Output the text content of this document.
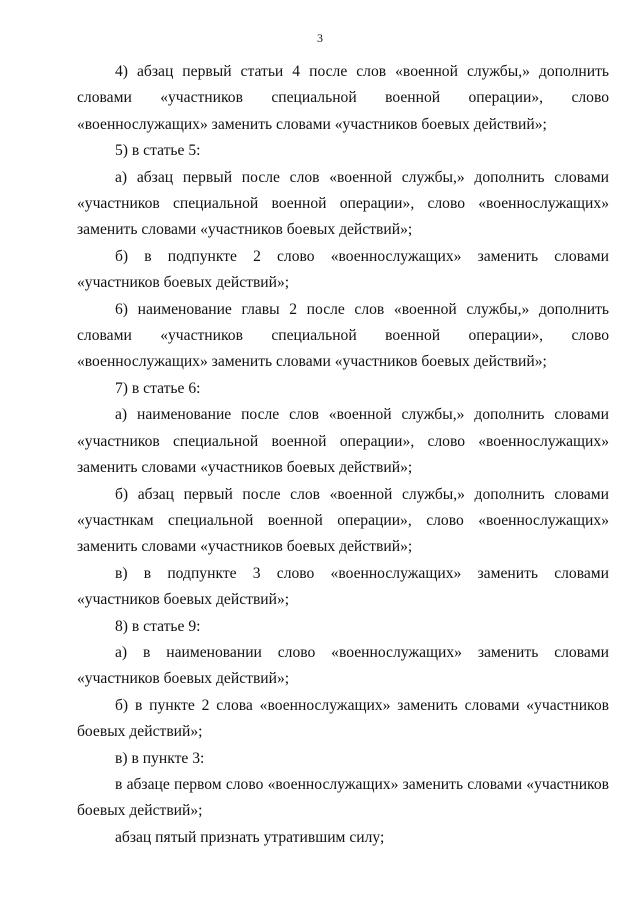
3

4) абзац первый статьи 4 после слов «военной службы,» дополнить словами «участников специальной военной операции», слово «военнослужащих» заменить словами «участников боевых действий»;

5) в статье 5:

а) абзац первый после слов «военной службы,» дополнить словами «участников специальной военной операции», слово «военнослужащих» заменить словами «участников боевых действий»;

б) в подпункте 2 слово «военнослужащих» заменить словами «участников боевых действий»;

6) наименование главы 2 после слов «военной службы,» дополнить словами «участников специальной военной операции», слово «военнослужащих» заменить словами «участников боевых действий»;

7) в статье 6:

а) наименование после слов «военной службы,» дополнить словами «участников специальной военной операции», слово «военнослужащих» заменить словами «участников боевых действий»;

б) абзац первый после слов «военной службы,» дополнить словами «участнкам специальной военной операции», слово «военнослужащих» заменить словами «участников боевых действий»;

в) в подпункте 3 слово «военнослужащих» заменить словами «участников боевых действий»;

8) в статье 9:

а) в наименовании слово «военнослужащих» заменить словами «участников боевых действий»;

б) в пункте 2 слова «военнослужащих» заменить словами «участников боевых действий»;

в) в пункте 3:

в абзаце первом слово «военнослужащих» заменить словами «участников боевых действий»;

абзац пятый признать утратившим силу;
